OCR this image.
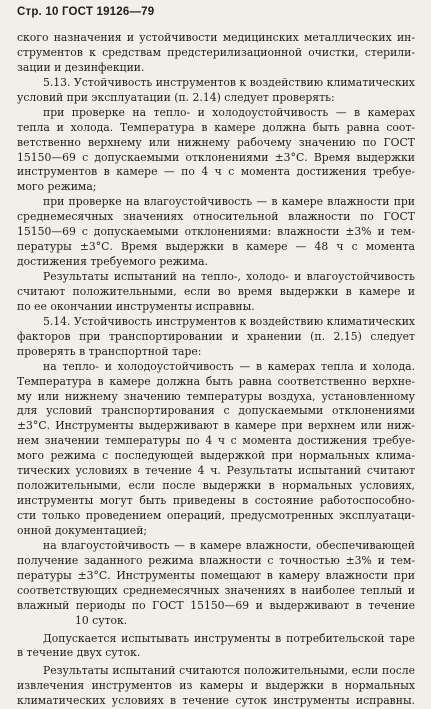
Стр. 10 ГОСТ 19126—79
ского назначения и устойчивости медицинских металлических ин-
струментов к средствам предстерилизационной очистки, стерили-
зации и дезинфекции.
5.13. Устойчивость инструментов к воздействию климатических
условий при эксплуатации (п. 2.14) следует проверять:
при проверке на тепло- и холодоустойчивость — в камерах
тепла и холода. Температура в камере должна быть равна соот-
ветственно верхнему или нижнему рабочему значению по ГОСТ
15150—69 с допускаемыми отклонениями ±3°С. Время выдержки
инструментов в камере — по 4 ч с момента достижения требуе-
мого режима;
при проверке на влагоустойчивость — в камере влажности при
среднемесячных значениях относительной влажности по ГОСТ
15150—69 с допускаемыми отклонениями: влажности ±3% и тем-
пературы ±3°С. Время выдержки в камере — 48 ч с момента
достижения требуемого режима.
Результаты испытаний на тепло-, холодо- и влагоустойчивость
считают положительными, если во время выдержки в камере и
по ее окончании инструменты исправны.
5.14. Устойчивость инструментов к воздействию климатических
факторов при транспортировании и хранении (п. 2.15) следует
проверять в транспортной таре:
на тепло- и холодоустойчивость — в камерах тепла и холода.
Температура в камере должна быть равна соответственно верхне-
му или нижнему значению температуры воздуха, установленному
для условий транспортирования с допускаемыми отклонениями
±3°С. Инструменты выдерживают в камере при верхнем или ниж-
нем значении температуры по 4 ч с момента достижения требуе-
мого режима с последующей выдержкой при нормальных клима-
тических условиях в течение 4 ч. Результаты испытаний считают
положительными, если после выдержки в нормальных условиях,
инструменты могут быть приведены в состояние работоспособно-
сти только проведением операций, предусмотренных эксплуатаци-
онной документацией;
на влагоустойчивость — в камере влажности, обеспечивающей
получение заданного режима влажности с точностью ±3% и тем-
пературы ±3°С. Инструменты помещают в камеру влажности при
соответствующих среднемесячных значениях в наиболее теплый и
влажный периоды по ГОСТ 15150—69 и выдерживают в течение
10 суток.
Допускается испытывать инструменты в потребительской таре
в течение двух суток.
Результаты испытаний считаются положительными, если после
извлечения инструментов из камеры и выдержки в нормальных
климатических условиях в течение суток инструменты исправны.
